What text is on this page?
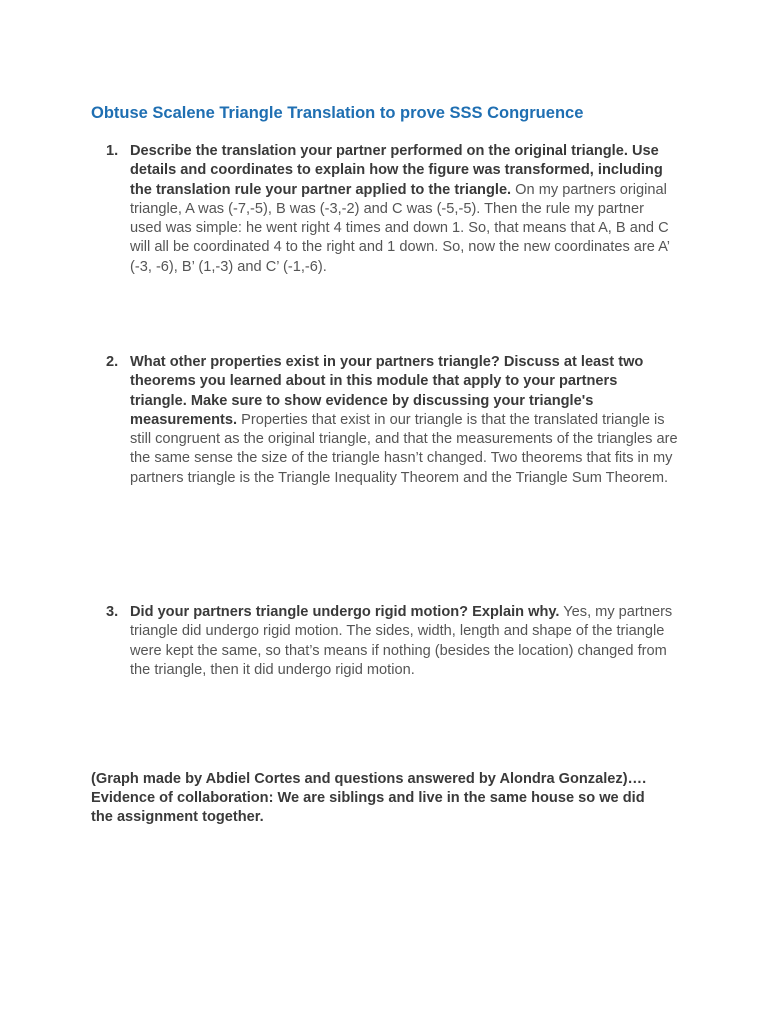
Obtuse Scalene Triangle Translation to prove SSS Congruence
1. Describe the translation your partner performed on the original triangle. Use details and coordinates to explain how the figure was transformed, including the translation rule your partner applied to the triangle. On my partners original triangle, A was (-7,-5), B was (-3,-2) and C was (-5,-5). Then the rule my partner used was simple: he went right 4 times and down 1. So, that means that A, B and C will all be coordinated 4 to the right and 1 down. So, now the new coordinates are A’ (-3, -6), B’ (1,-3) and C’ (-1,-6).
2. What other properties exist in your partners triangle? Discuss at least two theorems you learned about in this module that apply to your partners triangle. Make sure to show evidence by discussing your triangle's measurements. Properties that exist in our triangle is that the translated triangle is still congruent as the original triangle, and that the measurements of the triangles are the same sense the size of the triangle hasn’t changed. Two theorems that fits in my partners triangle is the Triangle Inequality Theorem and the Triangle Sum Theorem.
3. Did your partners triangle undergo rigid motion? Explain why. Yes, my partners triangle did undergo rigid motion. The sides, width, length and shape of the triangle were kept the same, so that’s means if nothing (besides the location) changed from the triangle, then it did undergo rigid motion.

(Graph made by Abdiel Cortes and questions answered by Alondra Gonzalez)…. Evidence of collaboration: We are siblings and live in the same house so we did the assignment together.
